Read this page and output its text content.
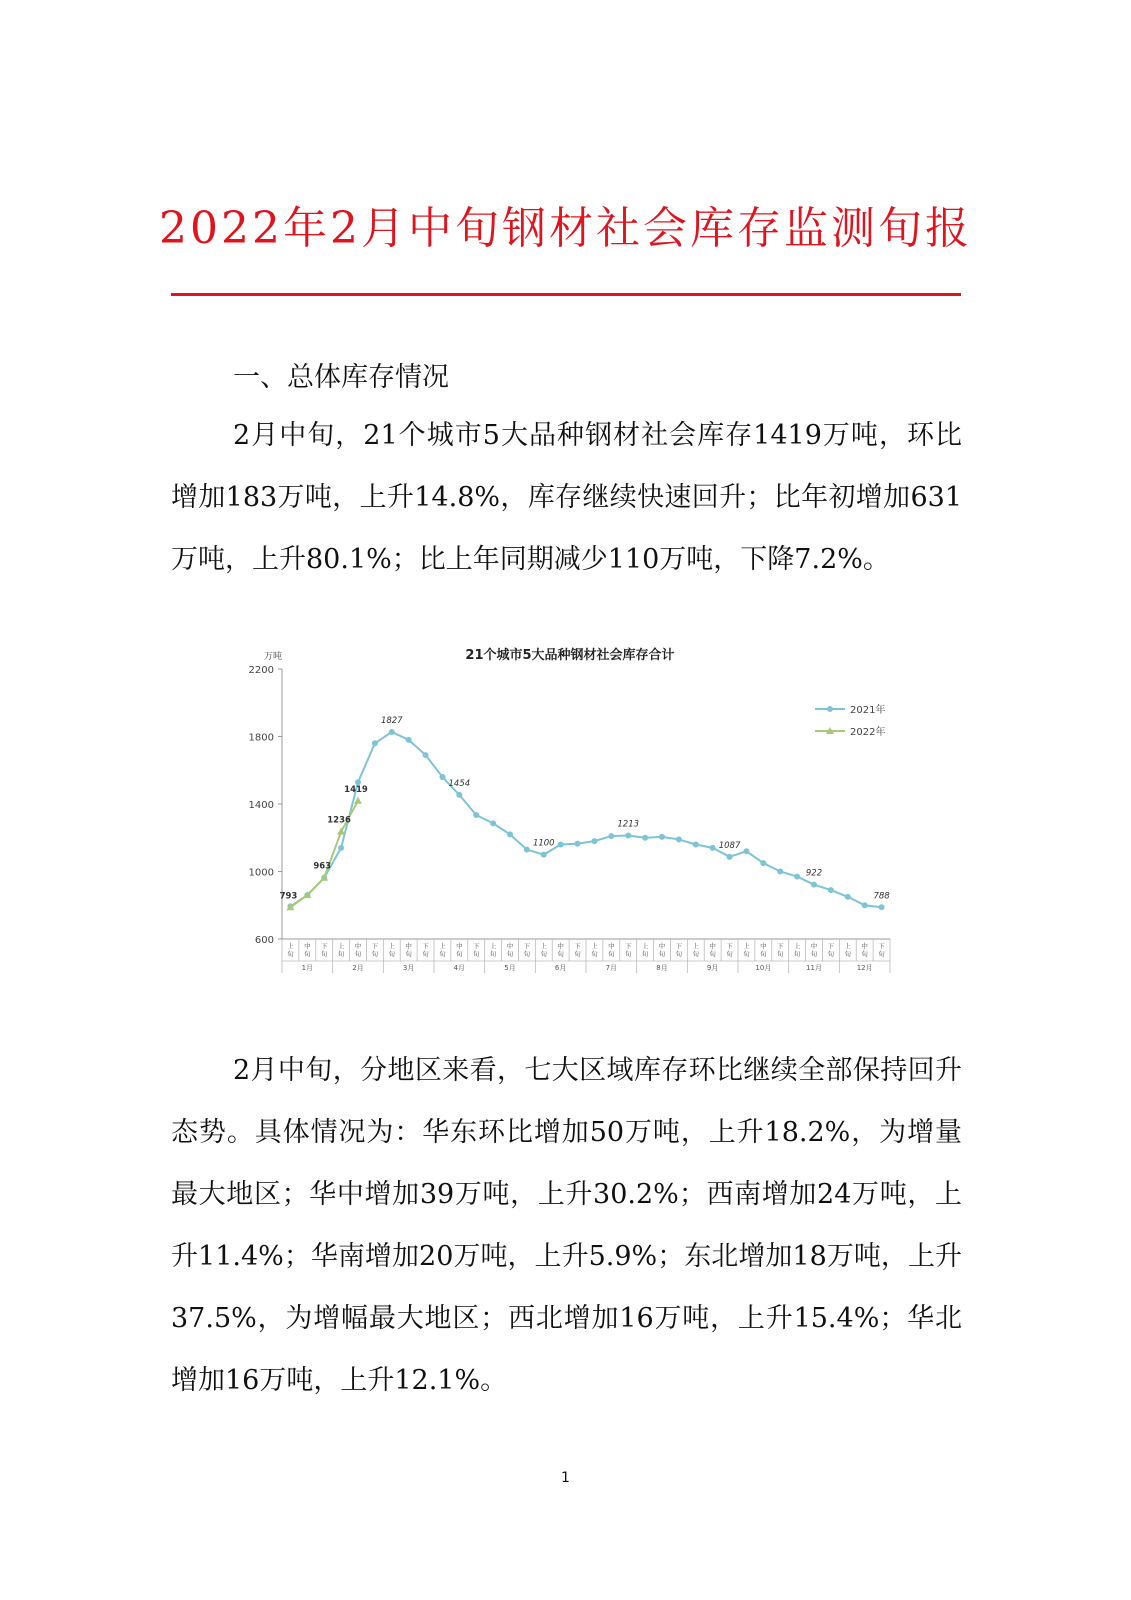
2022年2月中旬钢材社会库存监测旬报
一、总体库存情况
2月中旬，21个城市5大品种钢材社会库存1419万吨，环比增加183万吨，上升14.8%，库存继续快速回升；比年初增加631万吨，上升80.1%；比上年同期减少110万吨，下降7.2%。
21个城市5大品种钢材社会库存合计
万吨
600
1000
1400
1800
2200
上
旬
中
旬
下
旬
上
旬
中
旬
下
旬
上
旬
中
旬
下
旬
上
旬
中
旬
下
旬
上
旬
中
旬
下
旬
上
旬
中
旬
下
旬
上
旬
中
旬
下
旬
上
旬
中
旬
下
旬
上
旬
中
旬
下
旬
上
旬
中
旬
下
旬
上
旬
中
旬
下
旬
上
旬
中
旬
下
旬
1月	2月	3月	4月	5月	6月	7月	8月	9月	10月	11月	12月
1827
1454
1100
1213
1087
922
788
793
963
1236
1419
2021年
2022年
2月中旬，分地区来看，七大区域库存环比继续全部保持回升态势。具体情况为：华东环比增加50万吨，上升18.2%，为增量最大地区；华中增加39万吨，上升30.2%；西南增加24万吨，上升11.4%；华南增加20万吨，上升5.9%；东北增加18万吨，上升37.5%，为增幅最大地区；西北增加16万吨，上升15.4%；华北增加16万吨，上升12.1%。
1
